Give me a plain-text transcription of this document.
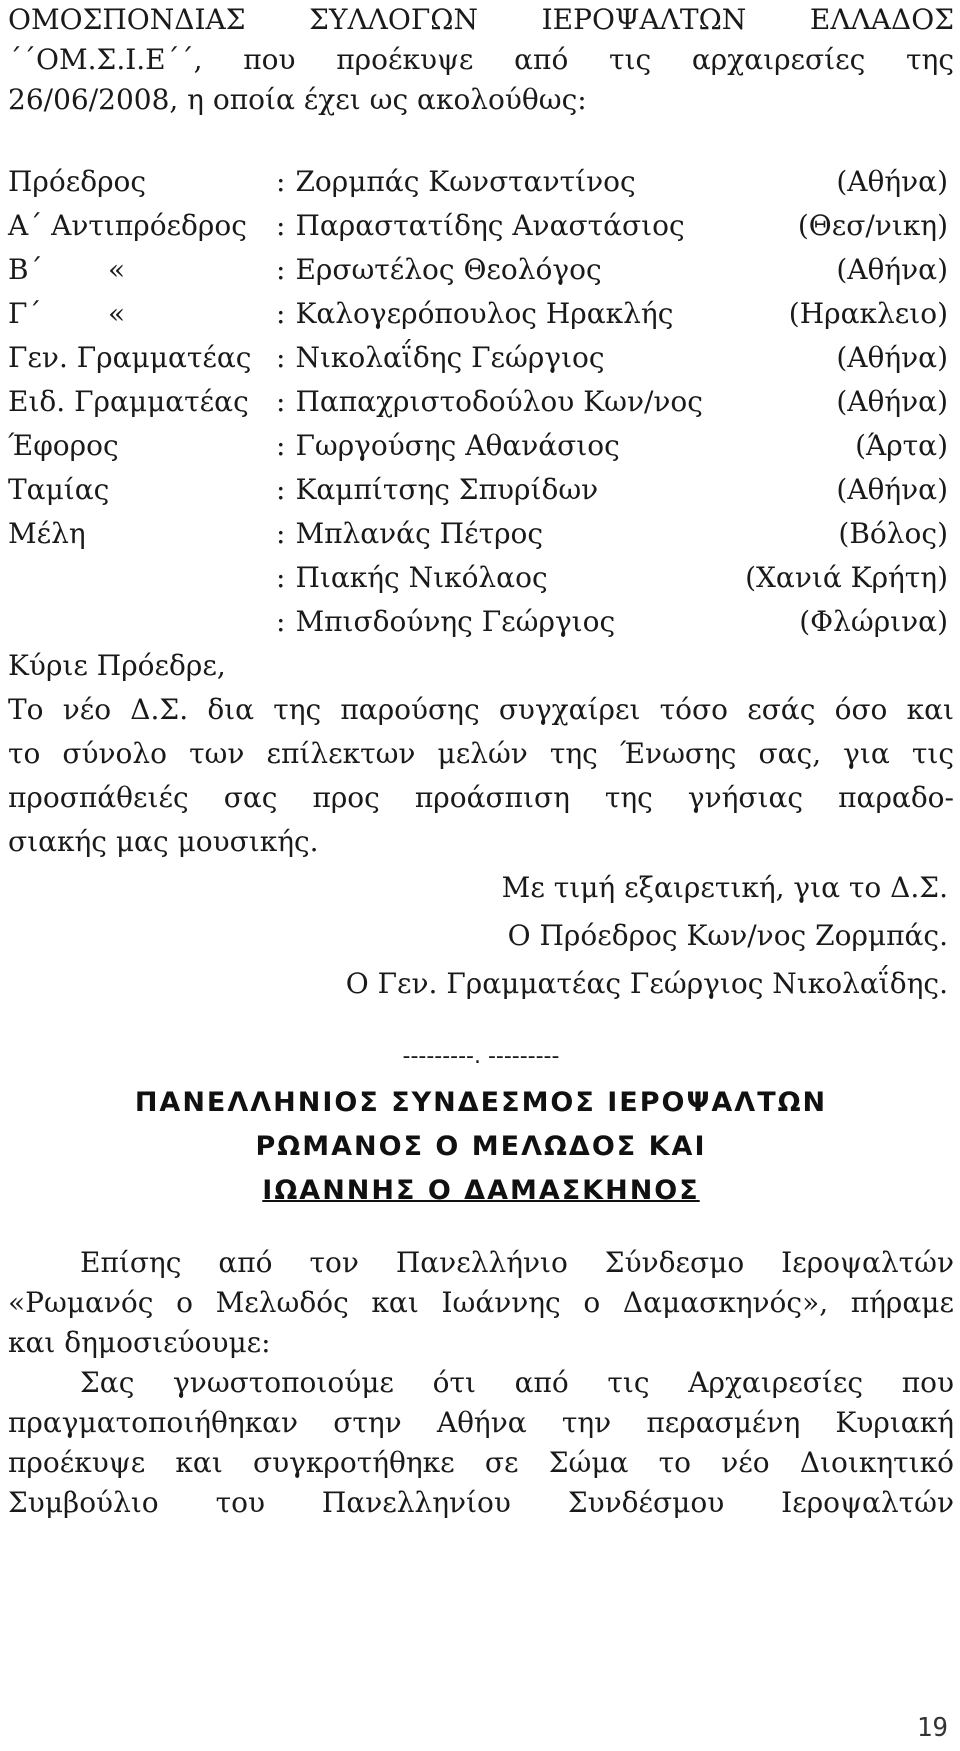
ΟΜΟΣΠΟΝΔΙΑΣ ΣΥΛΛΟΓΩΝ ΙΕΡΟΨΑΛΤΩΝ ΕΛΛΑΔΟΣ

΄΄ΟΜ.Σ.Ι.Ε΄΄, που προέκυψε από τις αρχαιρεσίες της

26/06/2008, η οποία έχει ως ακολούθως:

Πρόεδρος	: Ζορμπάς Κωνσταντίνος	(Αθήνα)
Α΄ Αντιπρόεδρος	: Παραστατίδης Αναστάσιος	(Θεσ/νικη)
Β΄	«	: Ερσωτέλος Θεολόγος	(Αθήνα)
Γ΄	«	: Καλογερόπουλος Ηρακλής	(Ηρακλειο)
Γεν. Γραμματέας : Νικολαΐδης Γεώργιος	(Αθήνα)
Ειδ. Γραμματέας : Παπαχριστοδούλου Κων/νος	(Αθήνα)
Έφορος	: Γωργούσης Αθανάσιος	(Άρτα)
Ταμίας	: Καμπίτσης Σπυρίδων	(Αθήνα)
Μέλη	: Μπλανάς Πέτρος	(Βόλος)
: Πιακής Νικόλαος	(Χανιά Κρήτη)
: Μπισδούνης Γεώργιος	(Φλώρινα)

Κύριε Πρόεδρε,

Το νέο Δ.Σ. δια της παρούσης συγχαίρει τόσο εσάς όσο και

το σύνολο των επίλεκτων μελών της Ένωσης σας, για τις

προσπάθειές σας προς προάσπιση της γνήσιας παραδο-

σιακής μας μουσικής.

Με τιμή εξαιρετική, για το Δ.Σ.

Ο Πρόεδρος Κων/νος Ζορμπάς.

Ο Γεν. Γραμματέας Γεώργιος Νικολαΐδης.

---------. ---------

ΠΑΝΕΛΛΗΝΙΟΣ ΣΥΝΔΕΣΜΟΣ ΙΕΡΟΨΑΛΤΩΝ

ΡΩΜΑΝΟΣ Ο ΜΕΛΩΔΟΣ ΚΑΙ

ΙΩΑΝΝΗΣ Ο ΔΑΜΑΣΚΗΝΟΣ

Επίσης από τον Πανελλήνιο Σύνδεσμο Ιεροψαλτών

«Ρωμανός ο Μελωδός και Ιωάννης ο Δαμασκηνός», πήραμε

και δημοσιεύουμε:

Σας γνωστοποιούμε ότι από τις Αρχαιρεσίες που

πραγματοποιήθηκαν στην Αθήνα την περασμένη Κυριακή

προέκυψε και συγκροτήθηκε σε Σώμα το νέο Διοικητικό

Συμβούλιο του Πανελληνίου Συνδέσμου Ιεροψαλτών

19
